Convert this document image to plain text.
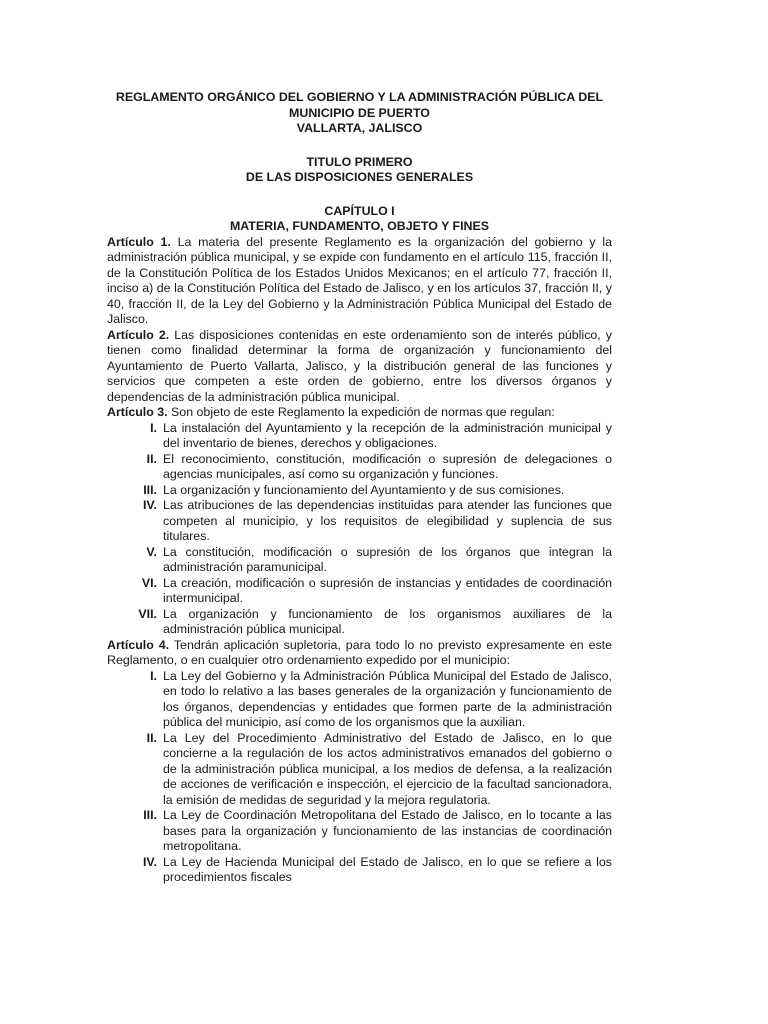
REGLAMENTO ORGÁNICO DEL GOBIERNO Y LA ADMINISTRACIÓN PÚBLICA DEL MUNICIPIO DE PUERTO
VALLARTA, JALISCO
TITULO PRIMERO
DE LAS DISPOSICIONES GENERALES
CAPÍTULO I
MATERIA, FUNDAMENTO, OBJETO Y FINES

Artículo 1. La materia del presente Reglamento es la organización del gobierno y la administración pública municipal, y se expide con fundamento en el artículo 115, fracción II, de la Constitución Política de los Estados Unidos Mexicanos; en el artículo 77, fracción II, inciso a) de la Constitución Política del Estado de Jalisco, y en los artículos 37, fracción II, y 40, fracción II, de la Ley del Gobierno y la Administración Pública Municipal del Estado de Jalisco.

Artículo 2. Las disposiciones contenidas en este ordenamiento son de interés público, y tienen como finalidad determinar la forma de organización y funcionamiento del Ayuntamiento de Puerto Vallarta, Jalisco, y la distribución general de las funciones y servicios que competen a este orden de gobierno, entre los diversos órganos y dependencias de la administración pública municipal.

Artículo 3. Son objeto de este Reglamento la expedición de normas que regulan:

I. La instalación del Ayuntamiento y la recepción de la administración municipal y del inventario de bienes, derechos y obligaciones.
II. El reconocimiento, constitución, modificación o supresión de delegaciones o agencias municipales, así como su organización y funciones.
III. La organización y funcionamiento del Ayuntamiento y de sus comisiones.
IV. Las atribuciones de las dependencias instituidas para atender las funciones que competen al municipio, y los requisitos de elegibilidad y suplencia de sus titulares.
V. La constitución, modificación o supresión de los órganos que integran la administración paramunicipal.
VI. La creación, modificación o supresión de instancias y entidades de coordinación intermunicipal.
VII. La organización y funcionamiento de los organismos auxiliares de la administración pública municipal.

Artículo 4. Tendrán aplicación supletoria, para todo lo no previsto expresamente en este Reglamento, o en cualquier otro ordenamiento expedido por el municipio:

I. La Ley del Gobierno y la Administración Pública Municipal del Estado de Jalisco, en todo lo relativo a las bases generales de la organización y funcionamiento de los órganos, dependencias y entidades que formen parte de la administración pública del municipio, así como de los organismos que la auxilian.
II. La Ley del Procedimiento Administrativo del Estado de Jalisco, en lo que concierne a la regulación de los actos administrativos emanados del gobierno o de la administración pública municipal, a los medios de defensa, a la realización de acciones de verificación e inspección, el ejercicio de la facultad sancionadora, la emisión de medidas de seguridad y la mejora regulatoria.
III. La Ley de Coordinación Metropolitana del Estado de Jalisco, en lo tocante a las bases para la organización y funcionamiento de las instancias de coordinación metropolitana.
IV. La Ley de Hacienda Municipal del Estado de Jalisco, en lo que se refiere a los procedimientos fiscales
